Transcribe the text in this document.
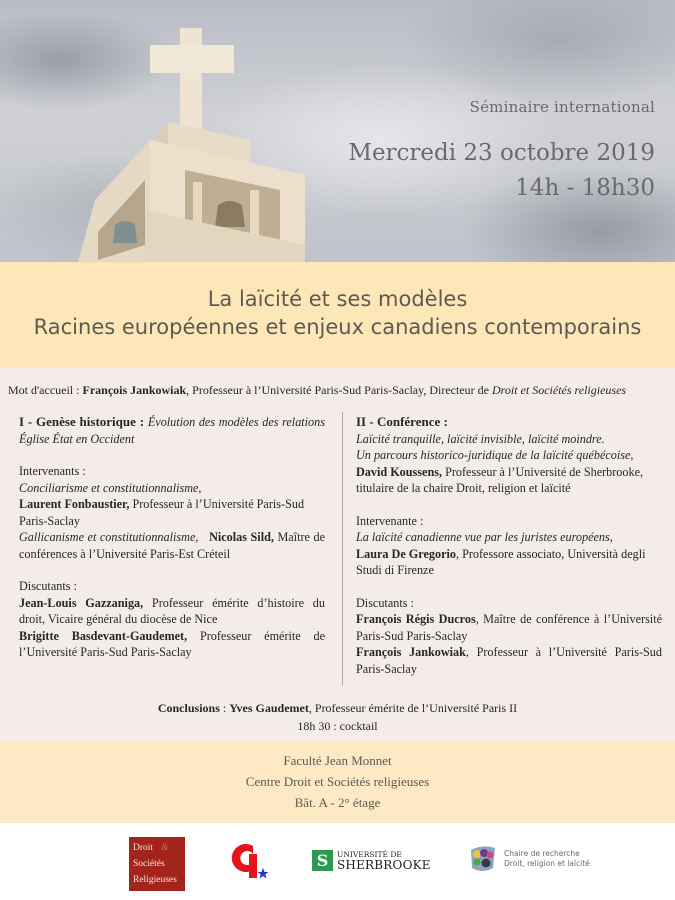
Séminaire international
Mercredi 23 octobre 2019
14h - 18h30
La laïcité et ses modèles
Racines européennes et enjeux canadiens contemporains
Mot d'accueil : François Jankowiak, Professeur à l’Université Paris-Sud Paris-Saclay, Directeur de Droit et Sociétés religieuses
I - Genèse historique : Évolution des modèles des relations Église État en Occident
Intervenants :
Conciliarisme et constitutionnalisme,
Laurent Fonbaustier, Professeur à l’Université Paris-Sud Paris-Saclay
Gallicanisme et constitutionnalisme, Nicolas Sild, Maître de conférences à l’Université Paris-Est Créteil
Discutants :
Jean-Louis Gazzaniga, Professeur émérite d’histoire du droit, Vicaire général du diocèse de Nice
Brigitte Basdevant-Gaudemet, Professeur émérite de l’Université Paris-Sud Paris-Saclay
II - Conférence :
Laïcité tranquille, laïcité invisible, laïcité moindre.
Un parcours historico-juridique de la laïcité québécoise,
David Koussens, Professeur à l’Université de Sherbrooke, titulaire de la chaire Droit, religion et laïcité
Intervenante :
La laïcité canadienne vue par les juristes européens,
Laura De Gregorio, Professore associato, Università degli Studi di Firenze
Discutants :
François Régis Ducros, Maître de conférence à l’Université Paris-Sud Paris-Saclay
François Jankowiak, Professeur à l’Université Paris-Sud Paris-Saclay
Conclusions : Yves Gaudemet, Professeur émérite de l’Université Paris II
18h 30 : cocktail
Faculté Jean Monnet
Centre Droit et Sociétés religieuses
Bât. A - 2° étage
Droit &
Sociétés
Religieuses
S	UNIVERSITÉ DE
SHERBROOKE
Chaire de recherche
Droit, religion et laïcité
